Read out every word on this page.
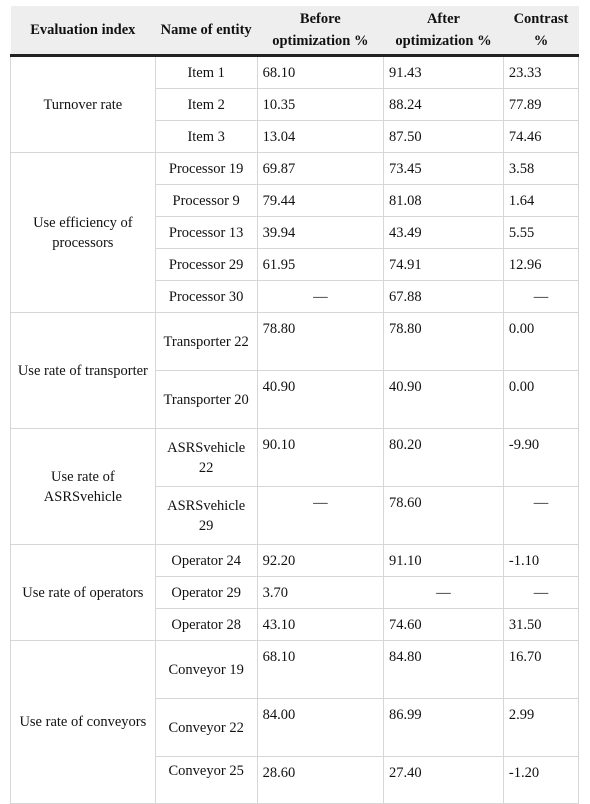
Evaluation index	Name of entity	Before optimization %	After optimization %	Contrast %
Turnover rate	Item 1	68.10	91.43	23.33
	Item 2	10.35	88.24	77.89
	Item 3	13.04	87.50	74.46
Use efficiency of processors	Processor 19	69.87	73.45	3.58
	Processor 9	79.44	81.08	1.64
	Processor 13	39.94	43.49	5.55
	Processor 29	61.95	74.91	12.96
	Processor 30	—	67.88	—
Use rate of transporter	Transporter 22	78.80	78.80	0.00
	Transporter 20	40.90	40.90	0.00
Use rate of ASRSvehicle	ASRSvehicle 22	90.10	80.20	-9.90
	ASRSvehicle 29	—	78.60	—
Use rate of operators	Operator 24	92.20	91.10	-1.10
	Operator 29	3.70	—	—
	Operator 28	43.10	74.60	31.50
Use rate of conveyors	Conveyor 19	68.10	84.80	16.70
	Conveyor 22	84.00	86.99	2.99
	Conveyor 25	28.60	27.40	-1.20
